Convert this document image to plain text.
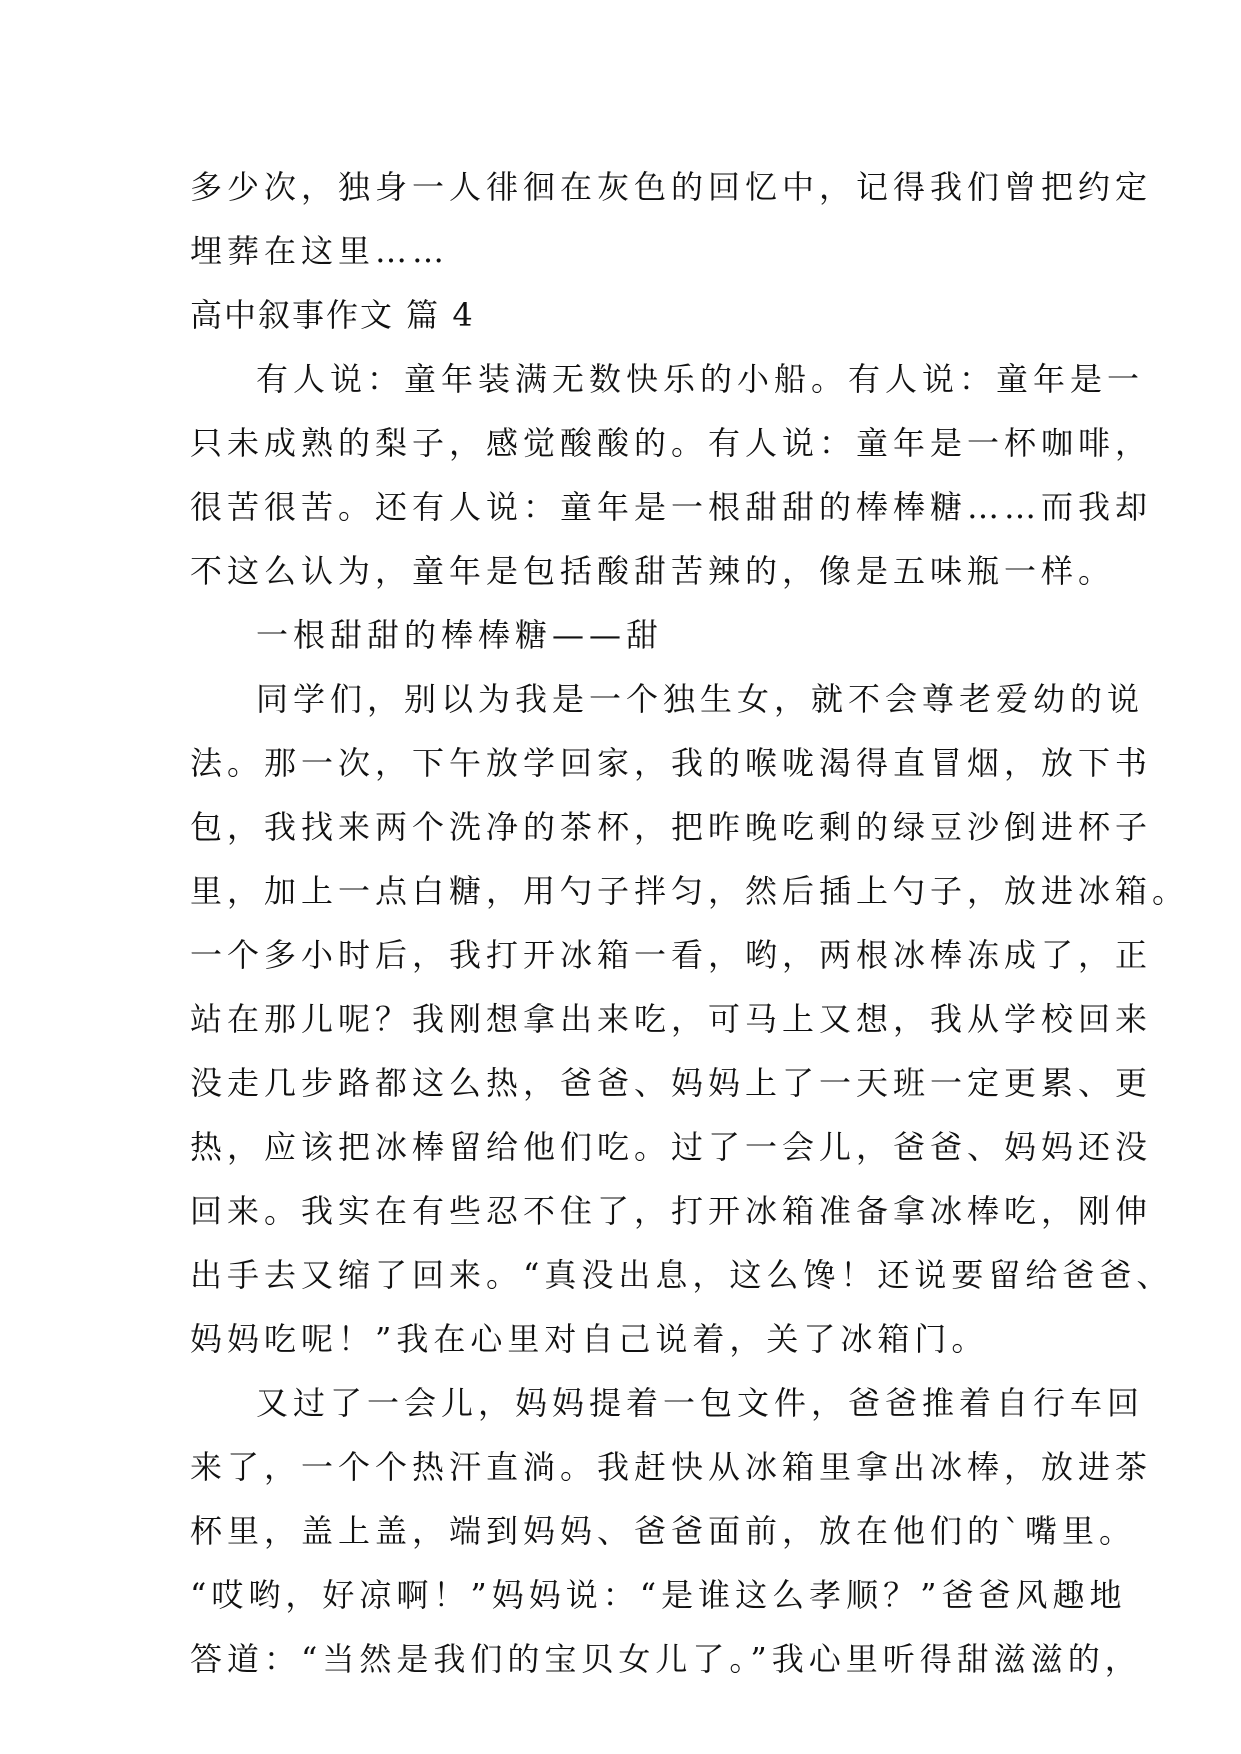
多少次，独身一人徘徊在灰色的回忆中，记得我们曾把约定
埋葬在这里……
高中叙事作文 篇 4
有人说：童年装满无数快乐的小船。有人说：童年是一
只未成熟的梨子，感觉酸酸的。有人说：童年是一杯咖啡，
很苦很苦。还有人说：童年是一根甜甜的棒棒糖……而我却
不这么认为，童年是包括酸甜苦辣的，像是五味瓶一样。
一根甜甜的棒棒糖——甜
同学们，别以为我是一个独生女，就不会尊老爱幼的说
法。那一次，下午放学回家，我的喉咙渴得直冒烟，放下书
包，我找来两个洗净的茶杯，把昨晚吃剩的绿豆沙倒进杯子
里，加上一点白糖，用勺子拌匀，然后插上勺子，放进冰箱。
一个多小时后，我打开冰箱一看，哟，两根冰棒冻成了，正
站在那儿呢？我刚想拿出来吃，可马上又想，我从学校回来
没走几步路都这么热，爸爸、妈妈上了一天班一定更累、更
热，应该把冰棒留给他们吃。过了一会儿，爸爸、妈妈还没
回来。我实在有些忍不住了，打开冰箱准备拿冰棒吃，刚伸
出手去又缩了回来。“真没出息，这么馋！还说要留给爸爸、
妈妈吃呢！”我在心里对自己说着，关了冰箱门。
又过了一会儿，妈妈提着一包文件，爸爸推着自行车回
来了，一个个热汗直淌。我赶快从冰箱里拿出冰棒，放进茶
杯里，盖上盖，端到妈妈、爸爸面前，放在他们的`嘴里。
“哎哟，好凉啊！”妈妈说：“是谁这么孝顺？”爸爸风趣地
答道：“当然是我们的宝贝女儿了。”我心里听得甜滋滋的，
